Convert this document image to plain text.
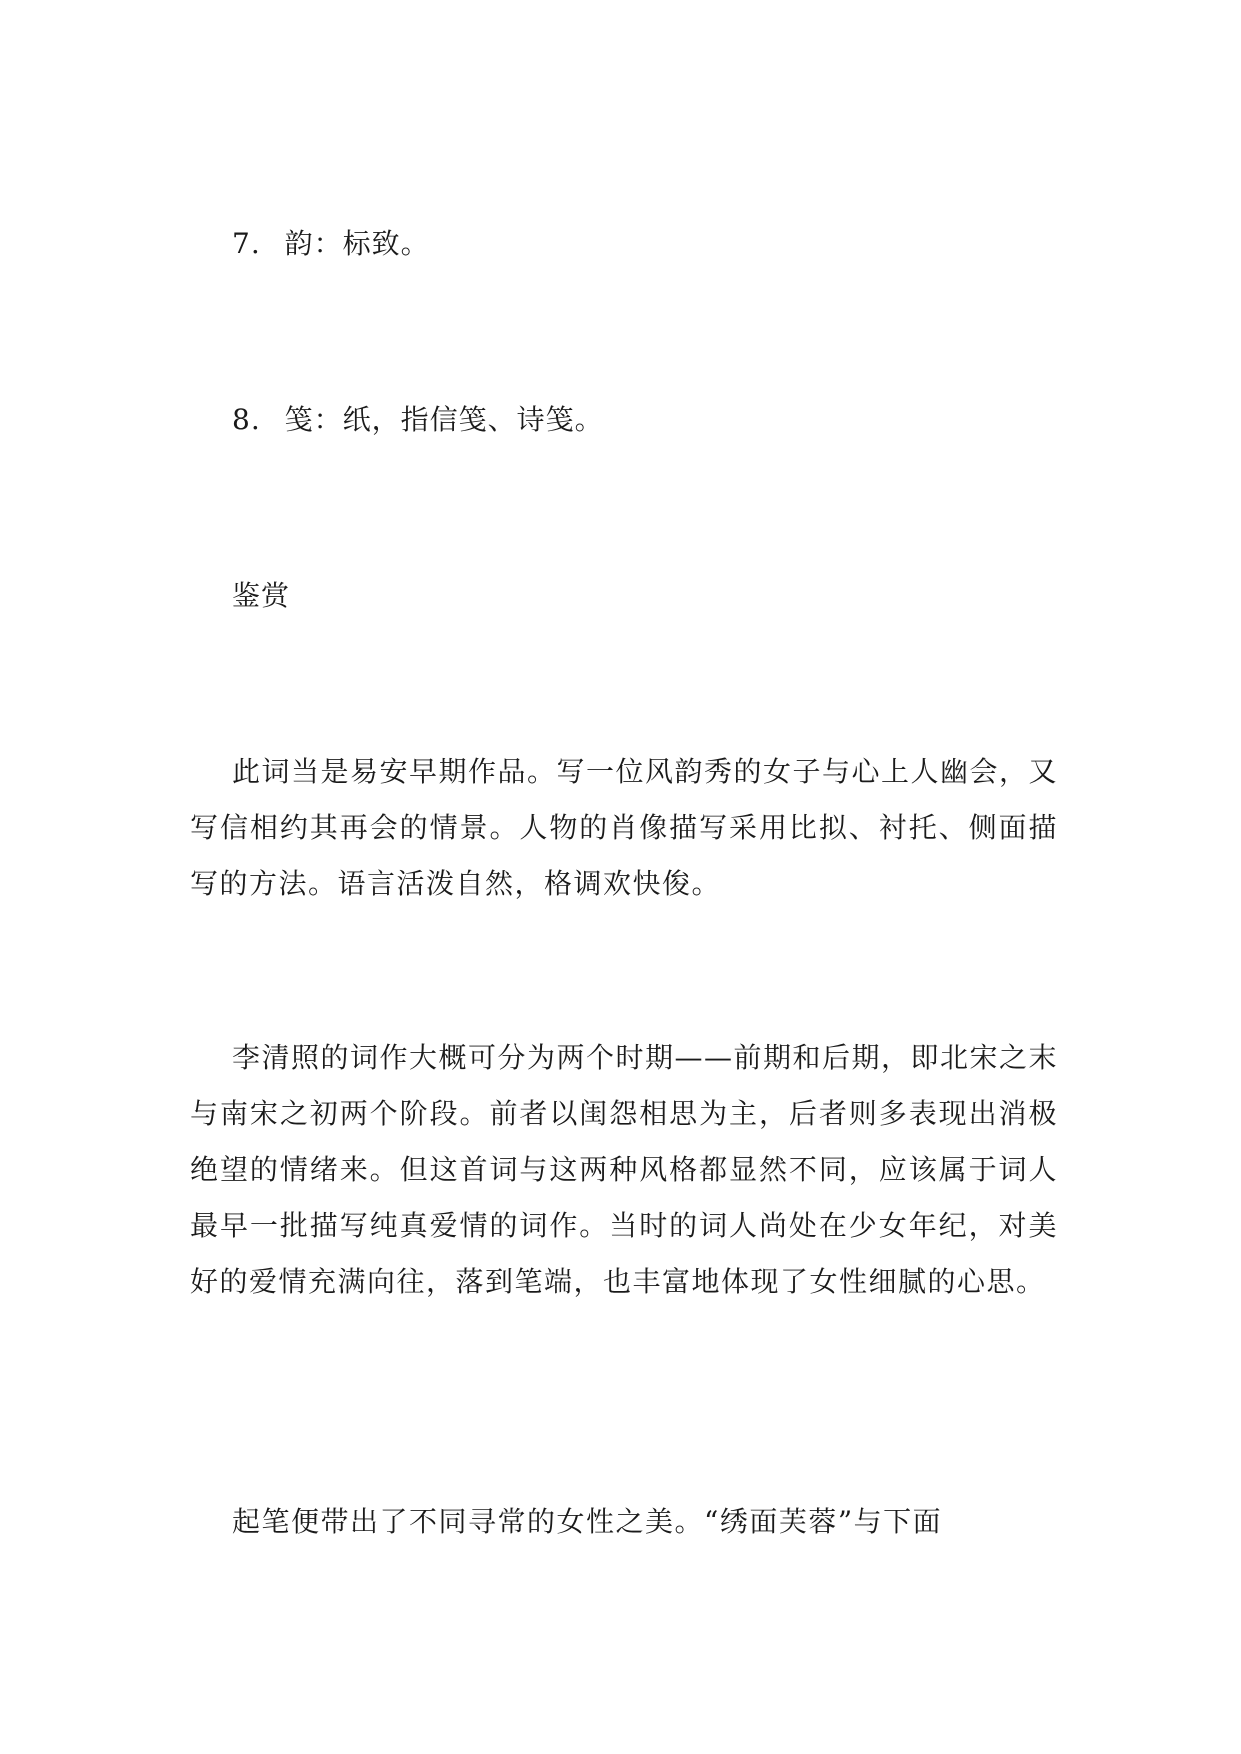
7. 韵：标致。
8. 笺：纸，指信笺、诗笺。
鉴赏

此词当是易安早期作品。写一位风韵秀的女子与心上人幽会，又写信相约其再会的情景。人物的肖像描写采用比拟、衬托、侧面描写的方法。语言活泼自然，格调欢快俊。

李清照的词作大概可分为两个时期——前期和后期，即北宋之末与南宋之初两个阶段。前者以闺怨相思为主，后者则多表现出消极绝望的情绪来。但这首词与这两种风格都显然不同，应该属于词人最早一批描写纯真爱情的词作。当时的词人尚处在少女年纪，对美好的爱情充满向往，落到笔端，也丰富地体现了女性细腻的心思。

起笔便带出了不同寻常的女性之美。“绣面芙蓉”与下面
